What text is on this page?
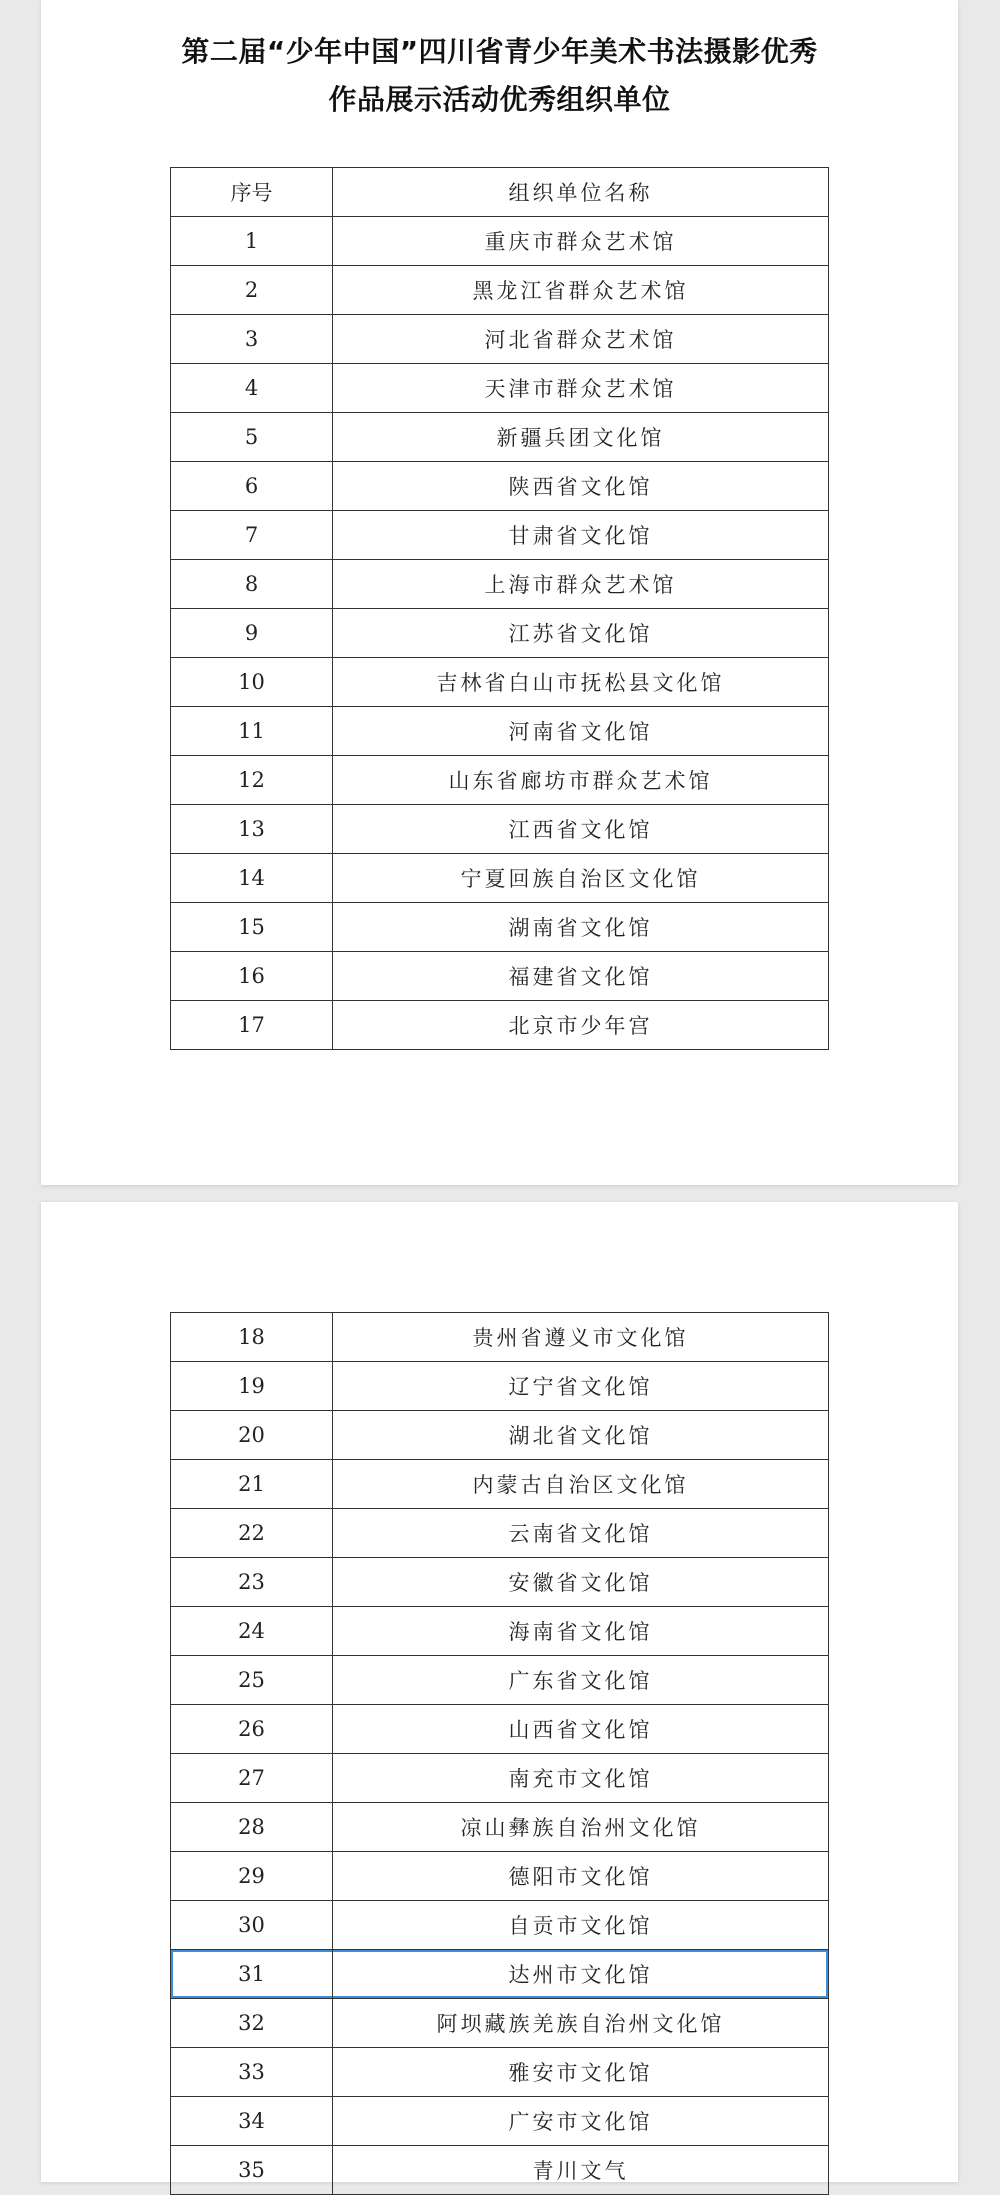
第二届“少年中国”四川省青少年美术书法摄影优秀
作品展示活动优秀组织单位
序号	组织单位名称
1	重庆市群众艺术馆
2	黑龙江省群众艺术馆
3	河北省群众艺术馆
4	天津市群众艺术馆
5	新疆兵团文化馆
6	陕西省文化馆
7	甘肃省文化馆
8	上海市群众艺术馆
9	江苏省文化馆
10	吉林省白山市抚松县文化馆
11	河南省文化馆
12	山东省廊坊市群众艺术馆
13	江西省文化馆
14	宁夏回族自治区文化馆
15	湖南省文化馆
16	福建省文化馆
17	北京市少年宫
18	贵州省遵义市文化馆
19	辽宁省文化馆
20	湖北省文化馆
21	内蒙古自治区文化馆
22	云南省文化馆
23	安徽省文化馆
24	海南省文化馆
25	广东省文化馆
26	山西省文化馆
27	南充市文化馆
28	凉山彝族自治州文化馆
29	德阳市文化馆
30	自贡市文化馆
31	达州市文化馆
32	阿坝藏族羌族自治州文化馆
33	雅安市文化馆
34	广安市文化馆
35	青川文气
